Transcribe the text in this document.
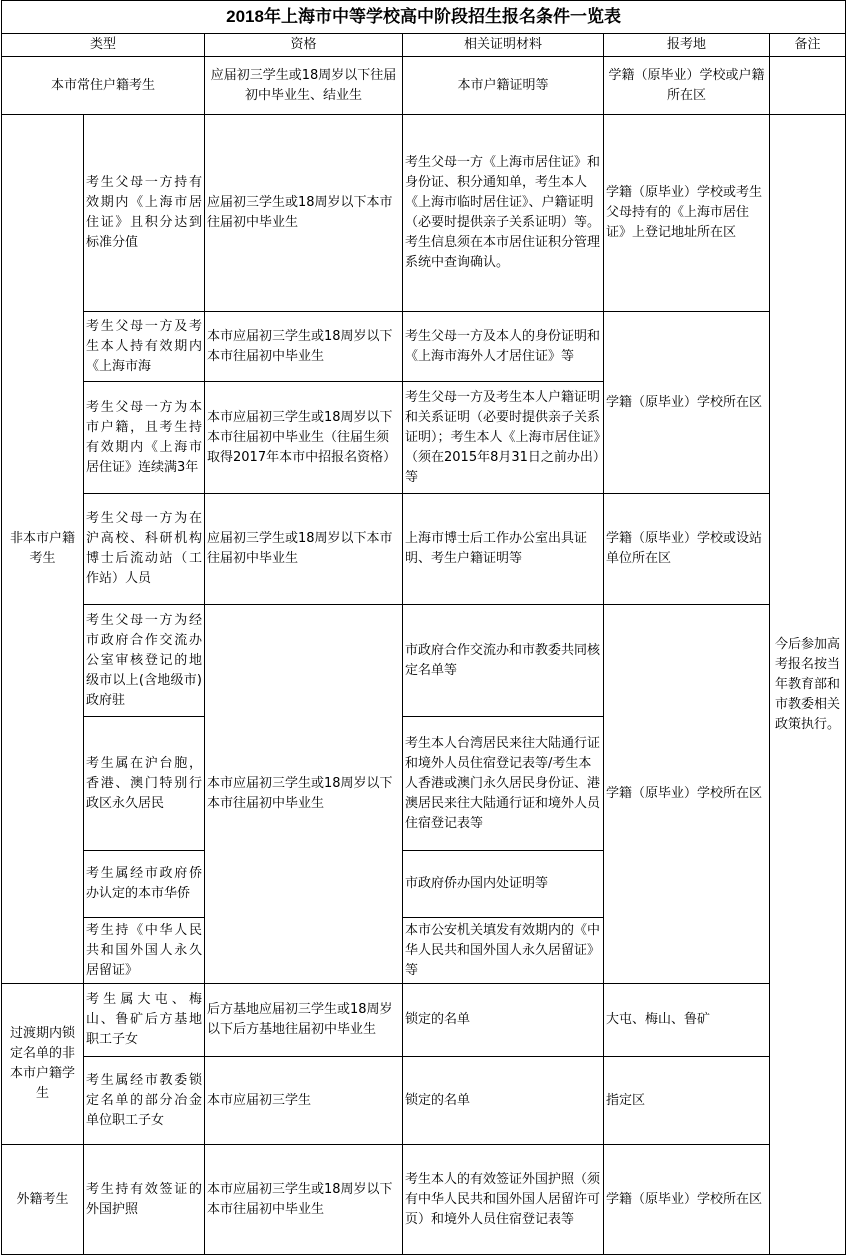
2018年上海市中等学校高中阶段招生报名条件一览表					
类型		资格	相关证明材料	报考地	备注
本市常住户籍考生		应届初三学生或18周岁以下往届初中毕业生、结业生	本市户籍证明等	学籍（原毕业）学校或户籍所在区	
非本市户籍考生	考生父母一方持有效期内《上海市居住证》且积分达到标准分值	应届初三学生或18周岁以下本市往届初中毕业生	考生父母一方《上海市居住证》和身份证、积分通知单，考生本人《上海市临时居住证》、户籍证明（必要时提供亲子关系证明）等。考生信息须在本市居住证积分管理系统中查询确认。	学籍（原毕业）学校或考生父母持有的《上海市居住证》上登记地址所在区	今后参加高考报名按当年教育部和市教委相关政策执行。
	考生父母一方及考生本人持有效期内《上海市海	本市应届初三学生或18周岁以下本市往届初中毕业生	考生父母一方及本人的身份证明和《上海市海外人才居住证》等	学籍（原毕业）学校所在区	
	考生父母一方为本市户籍，且考生持有效期内《上海市居住证》连续满3年	本市应届初三学生或18周岁以下本市往届初中毕业生（往届生须取得2017年本市中招报名资格）	考生父母一方及考生本人户籍证明和关系证明（必要时提供亲子关系证明）；考生本人《上海市居住证》（须在2015年8月31日之前办出）等		
	考生父母一方为在沪高校、科研机构博士后流动站（工作站）人员	应届初三学生或18周岁以下本市往届初中毕业生	上海市博士后工作办公室出具证明、考生户籍证明等	学籍（原毕业）学校或设站单位所在区	
	考生父母一方为经市政府合作交流办公室审核登记的地级市以上(含地级市)政府驻	本市应届初三学生或18周岁以下本市往届初中毕业生	市政府合作交流办和市教委共同核定名单等	学籍（原毕业）学校所在区	
	考生属在沪台胞，香港、澳门特别行政区永久居民		考生本人台湾居民来往大陆通行证和境外人员住宿登记表等/考生本人香港或澳门永久居民身份证、港澳居民来往大陆通行证和境外人员住宿登记表等		
	考生属经市政府侨办认定的本市华侨		市政府侨办国内处证明等		
	考生持《中华人民共和国外国人永久居留证》		本市公安机关填发有效期内的《中华人民共和国外国人永久居留证》等		
过渡期内锁定名单的非本市户籍学生	考生属大屯、梅山、鲁矿后方基地职工子女	后方基地应届初三学生或18周岁以下后方基地往届初中毕业生	锁定的名单	大屯、梅山、鲁矿	
	考生属经市教委锁定名单的部分冶金单位职工子女	本市应届初三学生	锁定的名单	指定区	
外籍考生	考生持有效签证的外国护照	本市应届初三学生或18周岁以下本市往届初中毕业生	考生本人的有效签证外国护照（须有中华人民共和国外国人居留许可页）和境外人员住宿登记表等	学籍（原毕业）学校所在区	
